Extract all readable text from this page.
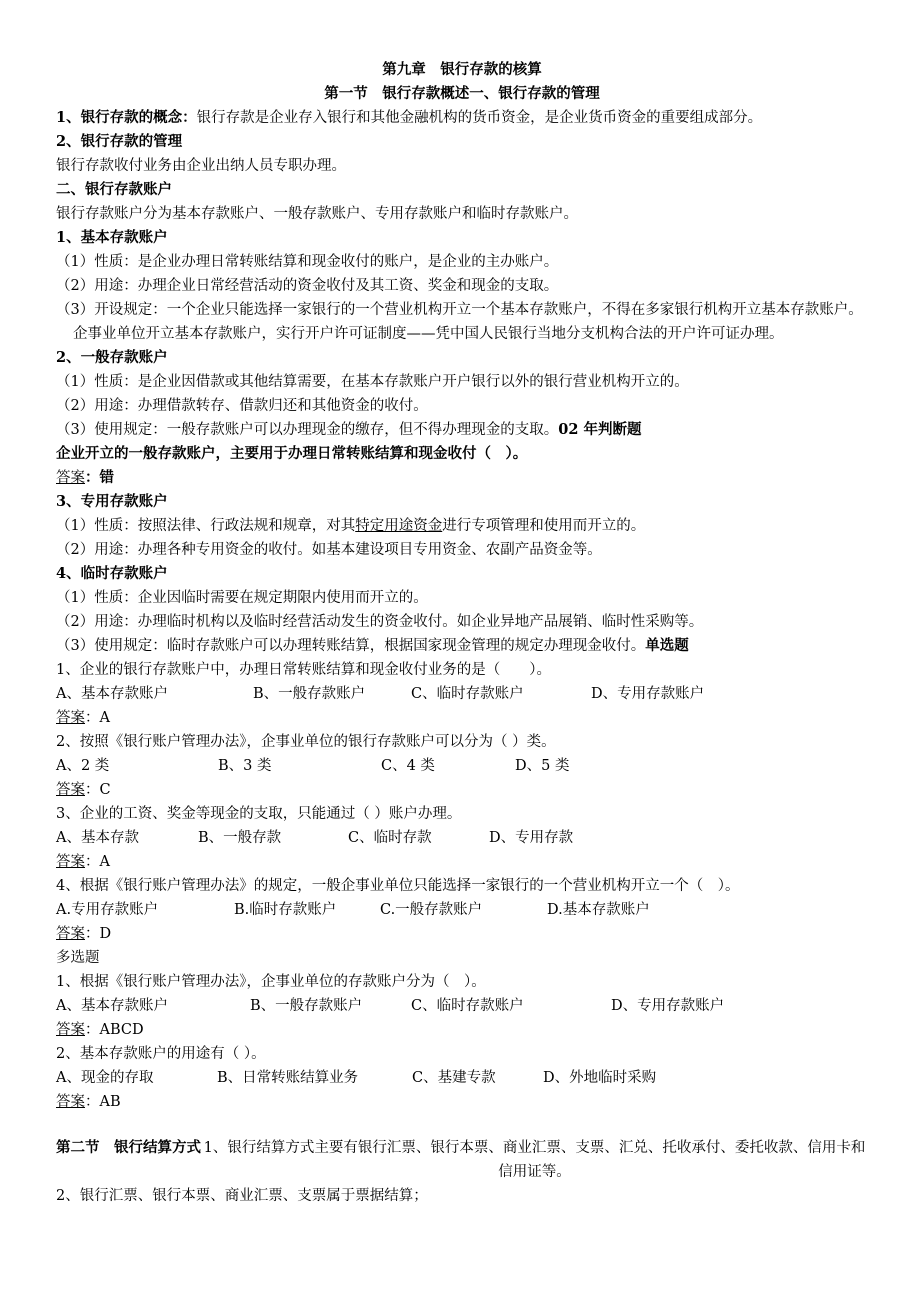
第九章　银行存款的核算
第一节　银行存款概述一、银行存款的管理
1、银行存款的概念：银行存款是企业存入银行和其他金融机构的货币资金，是企业货币资金的重要组成部分。
2、银行存款的管理
银行存款收付业务由企业出纳人员专职办理。
二、银行存款账户
银行存款账户分为基本存款账户、一般存款账户、专用存款账户和临时存款账户。
1、基本存款账户
（1）性质：是企业办理日常转账结算和现金收付的账户，是企业的主办账户。
（2）用途：办理企业日常经营活动的资金收付及其工资、奖金和现金的支取。
（3）开设规定：一个企业只能选择一家银行的一个营业机构开立一个基本存款账户，不得在多家银行机构开立基本存款账户。
企事业单位开立基本存款账户，实行开户许可证制度——凭中国人民银行当地分支机构合法的开户许可证办理。
2、一般存款账户
（1）性质：是企业因借款或其他结算需要，在基本存款账户开户银行以外的银行营业机构开立的。
（2）用途：办理借款转存、借款归还和其他资金的收付。
（3）使用规定：一般存款账户可以办理现金的缴存，但不得办理现金的支取。02 年判断题
企业开立的一般存款账户，主要用于办理日常转账结算和现金收付（　）。
答案：错
3、专用存款账户
（1）性质：按照法律、行政法规和规章，对其特定用途资金进行专项管理和使用而开立的。
（2）用途：办理各种专用资金的收付。如基本建设项目专用资金、农副产品资金等。
4、临时存款账户
（1）性质：企业因临时需要在规定期限内使用而开立的。
（2）用途：办理临时机构以及临时经营活动发生的资金收付。如企业异地产品展销、临时性采购等。
（3）使用规定：临时存款账户可以办理转账结算，根据国家现金管理的规定办理现金收付。单选题
1、企业的银行存款账户中，办理日常转账结算和现金收付业务的是（　　）。
A、基本存款账户	B、一般存款账户	C、临时存款账户	D、专用存款账户
答案：A
2、按照《银行账户管理办法》，企事业单位的银行存款账户可以分为（ ）类。
A、2 类	B、3 类	C、4 类	D、5 类
答案：C
3、企业的工资、奖金等现金的支取，只能通过（ ）账户办理。
A、基本存款	B、一般存款	C、临时存款	D、专用存款
答案：A
4、根据《银行账户管理办法》的规定，一般企事业单位只能选择一家银行的一个营业机构开立一个（　）。
A.专用存款账户	B.临时存款账户	C.一般存款账户	D.基本存款账户
答案：D
多选题
1、根据《银行账户管理办法》，企事业单位的存款账户分为（　）。
A、基本存款账户	B、一般存款账户	C、临时存款账户	D、专用存款账户
答案：ABCD
2、基本存款账户的用途有（ ）。
A、现金的存取	B、日常转账结算业务	C、基建专款	D、外地临时采购
答案：AB
第二节　银行结算方式 1、银行结算方式主要有银行汇票、银行本票、商业汇票、支票、汇兑、托收承付、委托收款、信用卡和信用证等。
2、银行汇票、银行本票、商业汇票、支票属于票据结算；
